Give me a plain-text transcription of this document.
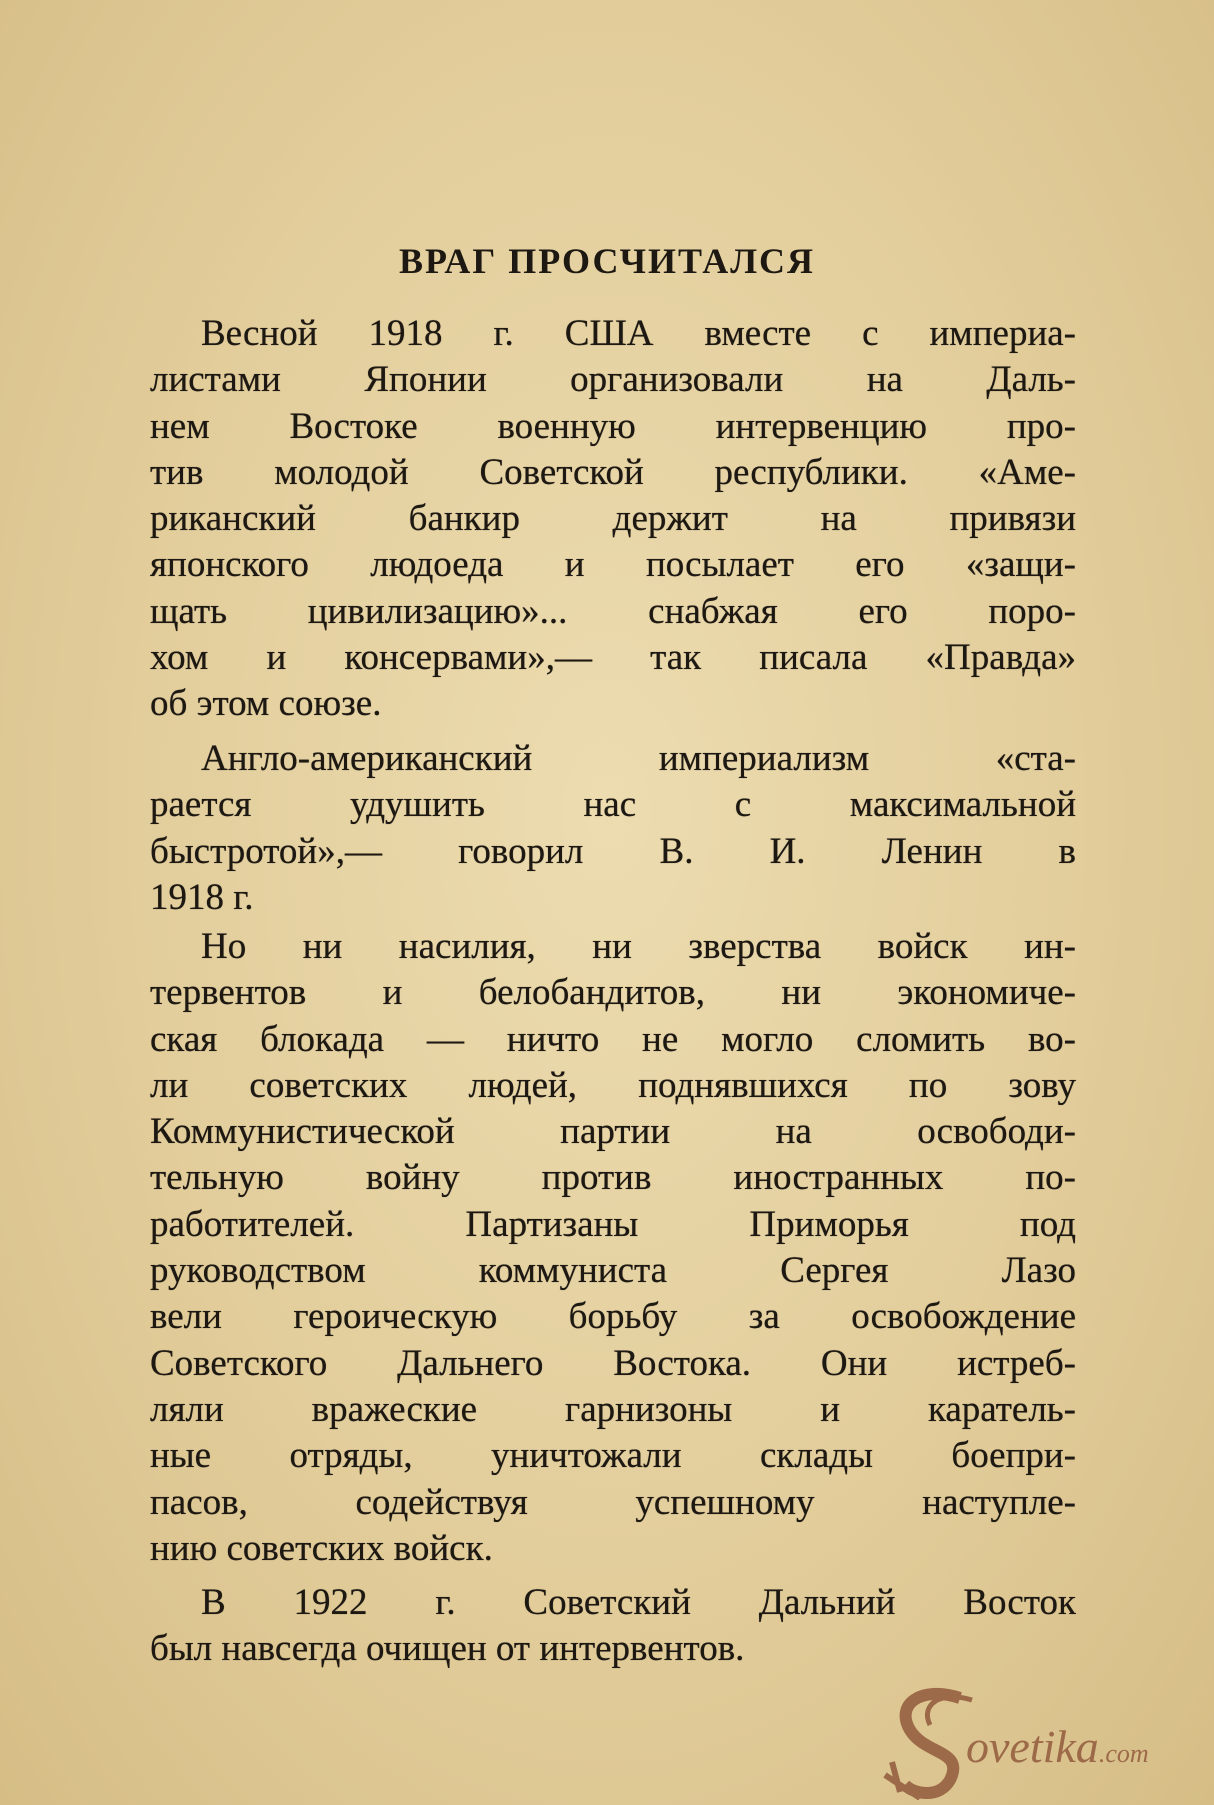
ВРАГ ПРОСЧИТАЛСЯ
Весной 1918 г. США вместе с империа-
листами Японии организовали на Даль-
нем Востоке военную интервенцию про-
тив молодой Советской республики. «Аме-
риканский банкир держит на привязи
японского людоеда и посылает его «защи-
щать цивилизацию»... снабжая его поро-
хом и консервами»,— так писала «Правда»
об этом союзе.
Англо-американский империализм «ста-
рается удушить нас с максимальной
быстротой»,— говорил В. И. Ленин в
1918 г.
Но ни насилия, ни зверства войск ин-
тервентов и белобандитов, ни экономиче-
ская блокада — ничто не могло сломить во-
ли советских людей, поднявшихся по зову
Коммунистической партии на освободи-
тельную войну против иностранных по-
работителей. Партизаны Приморья под
руководством коммуниста Сергея Лазо
вели героическую борьбу за освобождение
Советского Дальнего Востока. Они истреб-
ляли вражеские гарнизоны и каратель-
ные отряды, уничтожали склады боепри-
пасов, содействуя успешному наступле-
нию советских войск.
В 1922 г. Советский Дальний Восток
был навсегда очищен от интервентов.
ovetika.com
